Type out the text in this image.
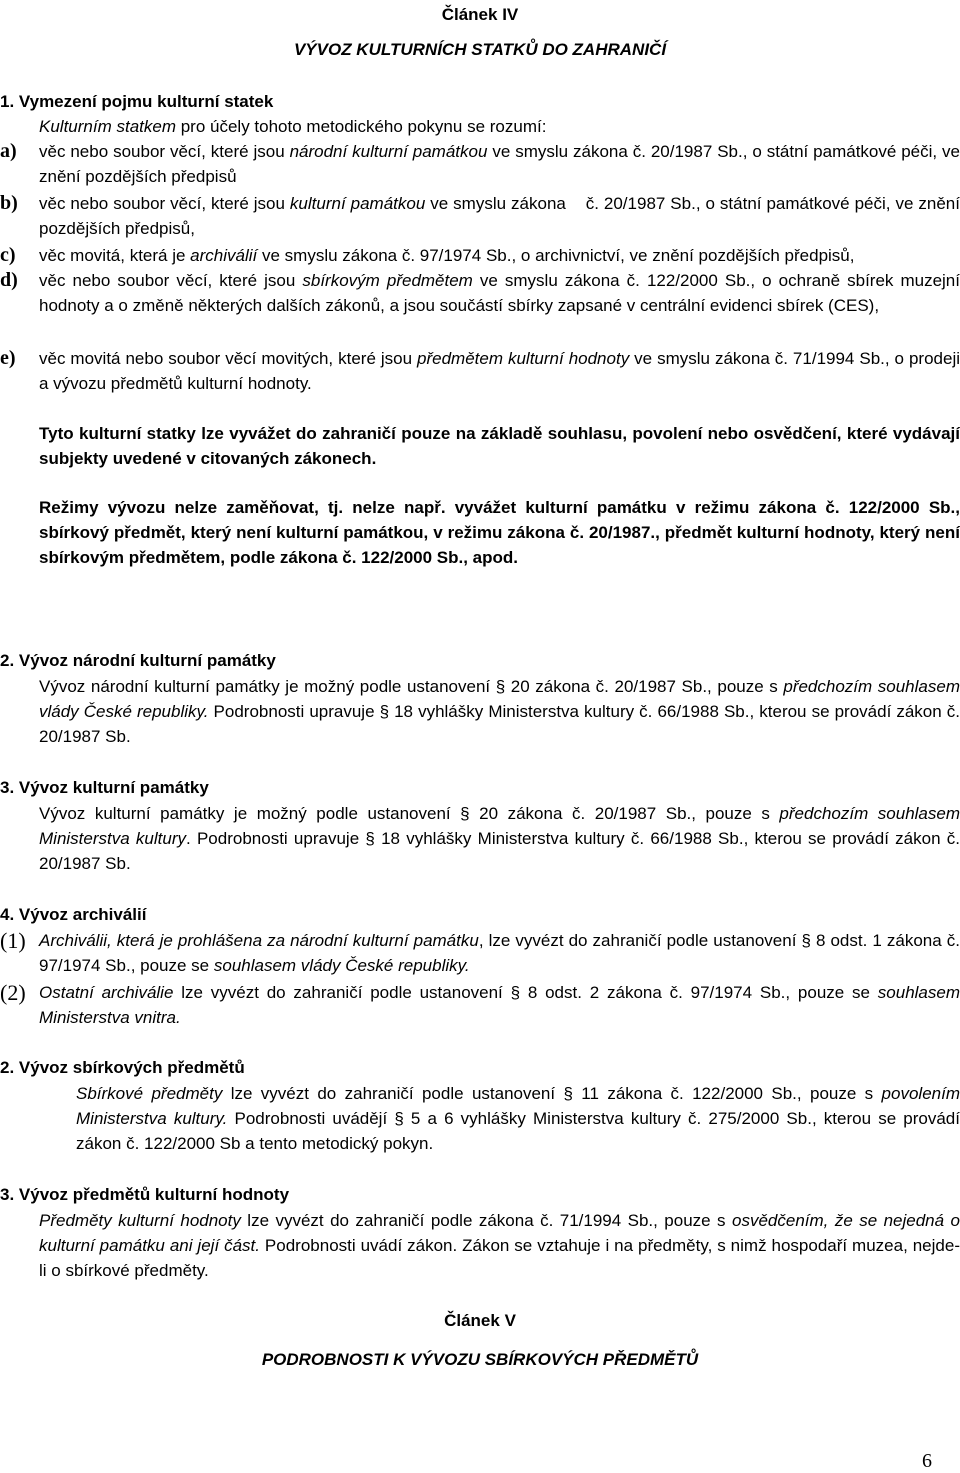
Článek IV
VÝVOZ KULTURNÍCH STATKŮ DO ZAHRANIČÍ
1. Vymezení pojmu kulturní statek
Kulturním statkem pro účely tohoto metodického pokynu se rozumí:
a) věc nebo soubor věcí, které jsou národní kulturní památkou ve smyslu zákona č. 20/1987 Sb., o státní památkové péči, ve znění pozdějších předpisů
b) věc nebo soubor věcí, které jsou kulturní památkou ve smyslu zákona    č. 20/1987 Sb., o státní památkové péči, ve znění pozdějších předpisů,
c) věc movitá, která je archiválií ve smyslu zákona č. 97/1974 Sb., o archivnictví, ve znění pozdějších předpisů,
d) věc nebo soubor věcí, které jsou sbírkovým předmětem ve smyslu zákona č. 122/2000 Sb., o ochraně sbírek muzejní hodnoty a o změně některých dalších zákonů, a jsou součástí sbírky zapsané v centrální evidenci sbírek (CES),
e) věc movitá nebo soubor věcí movitých, které jsou předmětem kulturní hodnoty ve smyslu zákona č. 71/1994 Sb., o prodeji a vývozu předmětů kulturní hodnoty.
Tyto kulturní statky lze vyvážet do zahraničí pouze na základě souhlasu, povolení nebo osvědčení, které vydávají subjekty uvedené v citovaných zákonech.
Režimy vývozu nelze zaměňovat, tj. nelze např. vyvážet kulturní památku v režimu zákona č. 122/2000 Sb., sbírkový předmět, který není kulturní památkou, v režimu zákona č. 20/1987., předmět kulturní hodnoty, který není sbírkovým předmětem, podle zákona č. 122/2000 Sb., apod.
2. Vývoz národní kulturní památky
Vývoz národní kulturní památky je možný podle ustanovení § 20 zákona č. 20/1987 Sb., pouze s předchozím souhlasem vlády České republiky. Podrobnosti upravuje § 18 vyhlášky Ministerstva kultury č. 66/1988 Sb., kterou se provádí zákon č. 20/1987 Sb.
3. Vývoz kulturní památky
Vývoz kulturní památky je možný podle ustanovení § 20 zákona č. 20/1987 Sb., pouze s předchozím souhlasem Ministerstva kultury. Podrobnosti upravuje § 18 vyhlášky Ministerstva kultury č. 66/1988 Sb., kterou se provádí zákon č. 20/1987 Sb.
4. Vývoz archiválií
(1) Archiválii, která je prohlášena za národní kulturní památku, lze vyvézt do zahraničí podle ustanovení § 8 odst. 1 zákona č. 97/1974 Sb., pouze se souhlasem vlády České republiky.
(2) Ostatní archiválie lze vyvézt do zahraničí podle ustanovení § 8 odst. 2 zákona č. 97/1974 Sb., pouze se souhlasem Ministerstva vnitra.
2. Vývoz sbírkových předmětů
Sbírkové předměty lze vyvézt do zahraničí podle ustanovení § 11 zákona č. 122/2000 Sb., pouze s povolením Ministerstva kultury. Podrobnosti uvádějí § 5 a 6 vyhlášky Ministerstva kultury č. 275/2000 Sb., kterou se provádí zákon č. 122/2000 Sb a tento metodický pokyn.
3. Vývoz předmětů kulturní hodnoty
Předměty kulturní hodnoty lze vyvézt do zahraničí podle zákona č. 71/1994 Sb., pouze s osvědčením, že se nejedná o kulturní památku ani její část. Podrobnosti uvádí zákon. Zákon se vztahuje i na předměty, s nimž hospodaří muzea, nejde-li o sbírkové předměty.
Článek V
PODROBNOSTI K VÝVOZU SBÍRKOVÝCH PŘEDMĚTŮ
6
